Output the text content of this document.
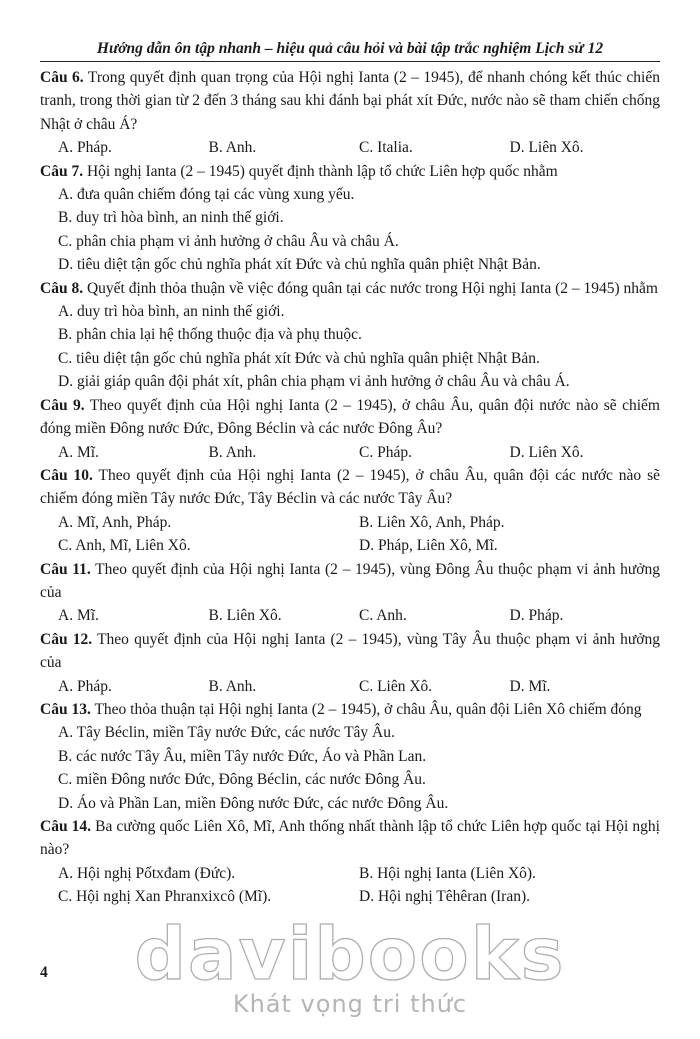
Hướng dẫn ôn tập nhanh – hiệu quả câu hỏi và bài tập trắc nghiệm Lịch sử 12
Câu 6. Trong quyết định quan trọng của Hội nghị Ianta (2 – 1945), để nhanh chóng kết thúc chiến tranh, trong thời gian từ 2 đến 3 tháng sau khi đánh bại phát xít Đức, nước nào sẽ tham chiến chống Nhật ở châu Á?
A. Pháp.	B. Anh.	C. Italia.	D. Liên Xô.
Câu 7. Hội nghị Ianta (2 – 1945) quyết định thành lập tổ chức Liên hợp quốc nhằm
A. đưa quân chiếm đóng tại các vùng xung yếu.
B. duy trì hòa bình, an ninh thế giới.
C. phân chia phạm vi ảnh hưởng ở châu Âu và châu Á.
D. tiêu diệt tận gốc chủ nghĩa phát xít Đức và chủ nghĩa quân phiệt Nhật Bản.
Câu 8. Quyết định thỏa thuận về việc đóng quân tại các nước trong Hội nghị Ianta (2 – 1945) nhằm
A. duy trì hòa bình, an ninh thế giới.
B. phân chia lại hệ thống thuộc địa và phụ thuộc.
C. tiêu diệt tận gốc chủ nghĩa phát xít Đức và chủ nghĩa quân phiệt Nhật Bản.
D. giải giáp quân đội phát xít, phân chia phạm vi ảnh hưởng ở châu Âu và châu Á.
Câu 9. Theo quyết định của Hội nghị Ianta (2 – 1945), ở châu Âu, quân đội nước nào sẽ chiếm đóng miền Đông nước Đức, Đông Béclin và các nước Đông Âu?
A. Mĩ.	B. Anh.	C. Pháp.	D. Liên Xô.
Câu 10. Theo quyết định của Hội nghị Ianta (2 – 1945), ở châu Âu, quân đội các nước nào sẽ chiếm đóng miền Tây nước Đức, Tây Béclin và các nước Tây Âu?
A. Mĩ, Anh, Pháp.	B. Liên Xô, Anh, Pháp.
C. Anh, Mĩ, Liên Xô.	D. Pháp, Liên Xô, Mĩ.
Câu 11. Theo quyết định của Hội nghị Ianta (2 – 1945), vùng Đông Âu thuộc phạm vi ảnh hưởng của
A. Mĩ.	B. Liên Xô.	C. Anh.	D. Pháp.
Câu 12. Theo quyết định của Hội nghị Ianta (2 – 1945), vùng Tây Âu thuộc phạm vi ảnh hưởng của
A. Pháp.	B. Anh.	C. Liên Xô.	D. Mĩ.
Câu 13. Theo thỏa thuận tại Hội nghị Ianta (2 – 1945), ở châu Âu, quân đội Liên Xô chiếm đóng
A. Tây Béclin, miền Tây nước Đức, các nước Tây Âu.
B. các nước Tây Âu, miền Tây nước Đức, Áo và Phần Lan.
C. miền Đông nước Đức, Đông Béclin, các nước Đông Âu.
D. Áo và Phần Lan, miền Đông nước Đức, các nước Đông Âu.
Câu 14. Ba cường quốc Liên Xô, Mĩ, Anh thống nhất thành lập tổ chức Liên hợp quốc tại Hội nghị nào?
A. Hội nghị Pốtxđam (Đức).	B. Hội nghị Ianta (Liên Xô).
C. Hội nghị Xan Phranxixcô (Mĩ).	D. Hội nghị Têhêran (Iran).
4	davibooks
Khát vọng tri thức
